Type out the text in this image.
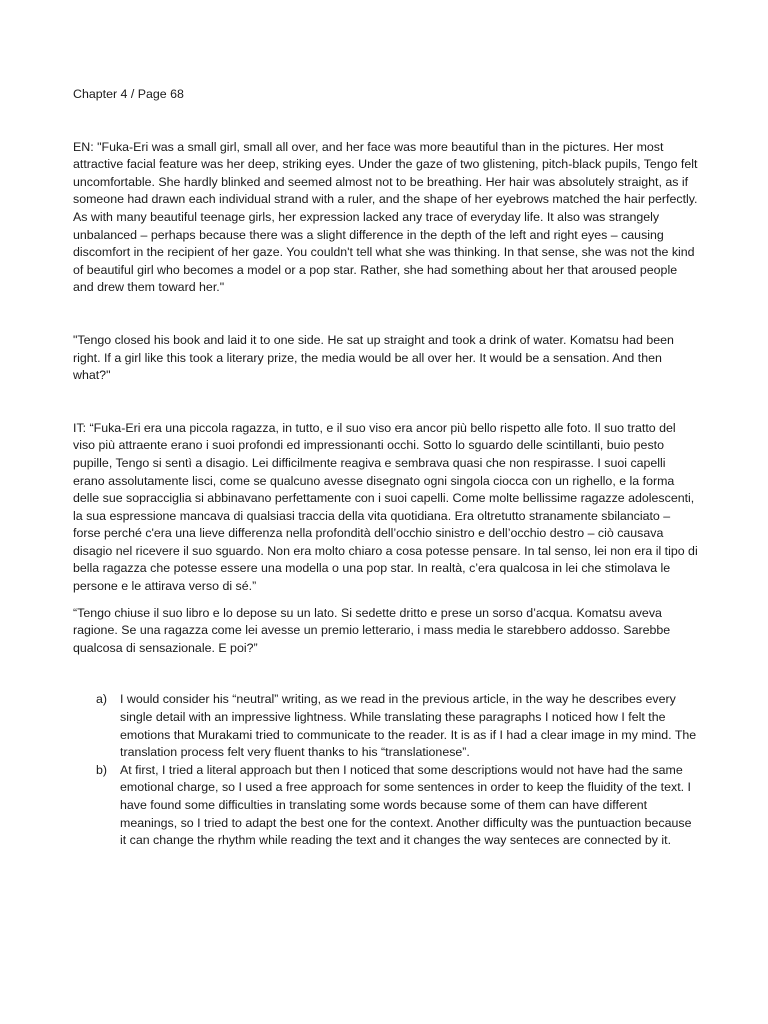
Chapter 4 / Page 68

EN: "Fuka-Eri was a small girl, small all over, and her face was more beautiful than in the pictures. Her most attractive facial feature was her deep, striking eyes. Under the gaze of two glistening, pitch-black pupils, Tengo felt uncomfortable. She hardly blinked and seemed almost not to be breathing. Her hair was absolutely straight, as if someone had drawn each individual strand with a ruler, and the shape of her eyebrows matched the hair perfectly. As with many beautiful teenage girls, her expression lacked any trace of everyday life. It also was strangely unbalanced – perhaps because there was a slight difference in the depth of the left and right eyes – causing discomfort in the recipient of her gaze. You couldn't tell what she was thinking. In that sense, she was not the kind of beautiful girl who becomes a model or a pop star. Rather, she had something about her that aroused people and drew them toward her."

"Tengo closed his book and laid it to one side. He sat up straight and took a drink of water. Komatsu had been right. If a girl like this took a literary prize, the media would be all over her. It would be a sensation. And then what?"

IT: “Fuka-Eri era una piccola ragazza, in tutto, e il suo viso era ancor più bello rispetto alle foto. Il suo tratto del viso più attraente erano i suoi profondi ed impressionanti occhi. Sotto lo sguardo delle scintillanti, buio pesto pupille, Tengo si sentì a disagio. Lei difficilmente reagiva e sembrava quasi che non respirasse. I suoi capelli erano assolutamente lisci, come se qualcuno avesse disegnato ogni singola ciocca con un righello, e la forma delle sue sopracciglia si abbinavano perfettamente con i suoi capelli. Come molte bellissime ragazze adolescenti, la sua espressione mancava di qualsiasi traccia della vita quotidiana. Era oltretutto stranamente sbilanciato – forse perché c'era una lieve differenza nella profondità dell’occhio sinistro e dell’occhio destro – ciò causava disagio nel ricevere il suo sguardo. Non era molto chiaro a cosa potesse pensare. In tal senso, lei non era il tipo di bella ragazza che potesse essere una modella o una pop star. In realtà, c’era qualcosa in lei che stimolava le persone e le attirava verso di sé.”

“Tengo chiuse il suo libro e lo depose su un lato. Si sedette dritto e prese un sorso d’acqua. Komatsu aveva ragione. Se una ragazza come lei avesse un premio letterario, i mass media le starebbero addosso. Sarebbe qualcosa di sensazionale. E poi?”

a) I would consider his “neutral” writing, as we read in the previous article, in the way he describes every single detail with an impressive lightness. While translating these paragraphs I noticed how I felt the emotions that Murakami tried to communicate to the reader. It is as if I had a clear image in my mind. The translation process felt very fluent thanks to his “translationese”.
b) At first, I tried a literal approach but then I noticed that some descriptions would not have had the same emotional charge, so I used a free approach for some sentences in order to keep the fluidity of the text. I have found some difficulties in translating some words because some of them can have different meanings, so I tried to adapt the best one for the context. Another difficulty was the puntuaction because it can change the rhythm while reading the text and it changes the way senteces are connected by it.
